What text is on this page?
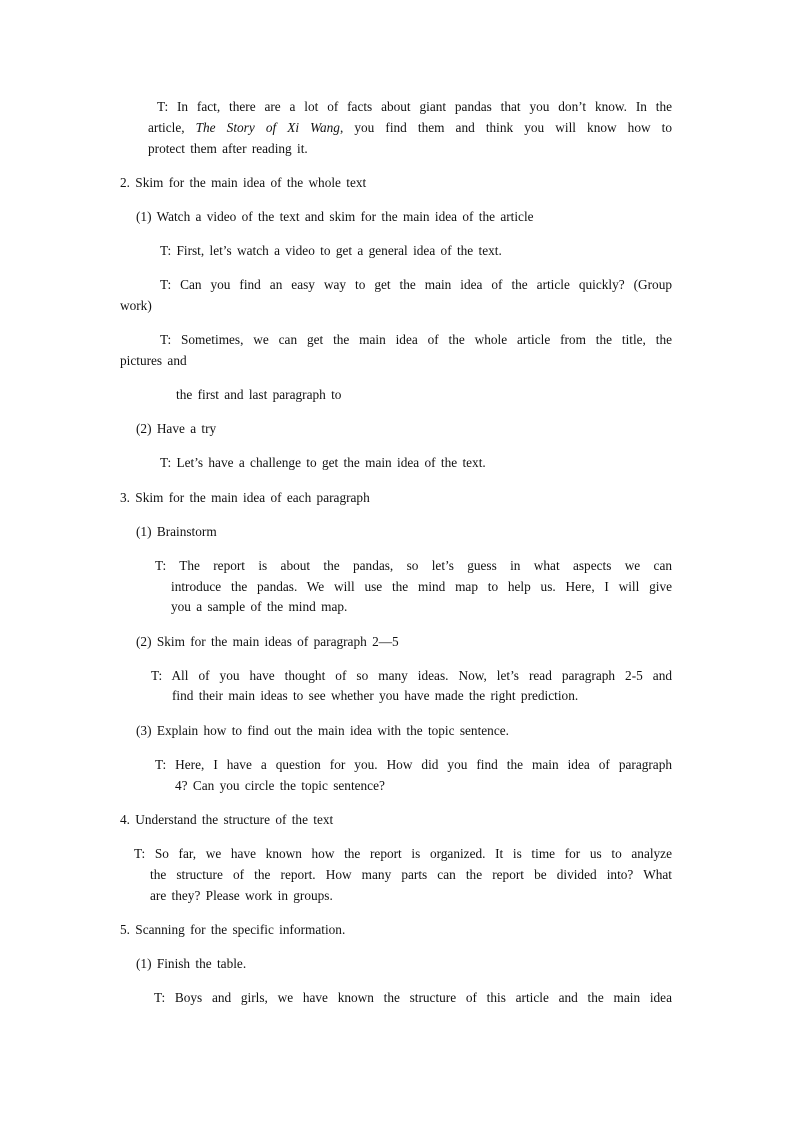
T: In fact, there are a lot of facts about giant pandas that you don’t know. In the
article, The Story of Xi Wang, you find them and think you will know how to
protect them after reading it.
2. Skim for the main idea of the whole text
(1) Watch a video of the text and skim for the main idea of the article
T: First, let’s watch a video to get a general idea of the text.
T: Can you find an easy way to get the main idea of the article quickly? (Group
work)
T: Sometimes, we can get the main idea of the whole article from the title, the
pictures and
the first and last paragraph to
(2) Have a try
T: Let’s have a challenge to get the main idea of the text.
3. Skim for the main idea of each paragraph
(1) Brainstorm
T: The report is about the pandas, so let’s guess in what aspects we can
introduce the pandas. We will use the mind map to help us. Here, I will give
you a sample of the mind map.
(2) Skim for the main ideas of paragraph 2—5
T: All of you have thought of so many ideas. Now, let’s read paragraph 2-5 and
find their main ideas to see whether you have made the right prediction.
(3) Explain how to find out the main idea with the topic sentence.
T: Here, I have a question for you. How did you find the main idea of paragraph
4? Can you circle the topic sentence?
4. Understand the structure of the text
T: So far, we have known how the report is organized. It is time for us to analyze
the structure of the report. How many parts can the report be divided into? What
are they? Please work in groups.
5. Scanning for the specific information.
(1) Finish the table.
T: Boys and girls, we have known the structure of this article and the main idea
